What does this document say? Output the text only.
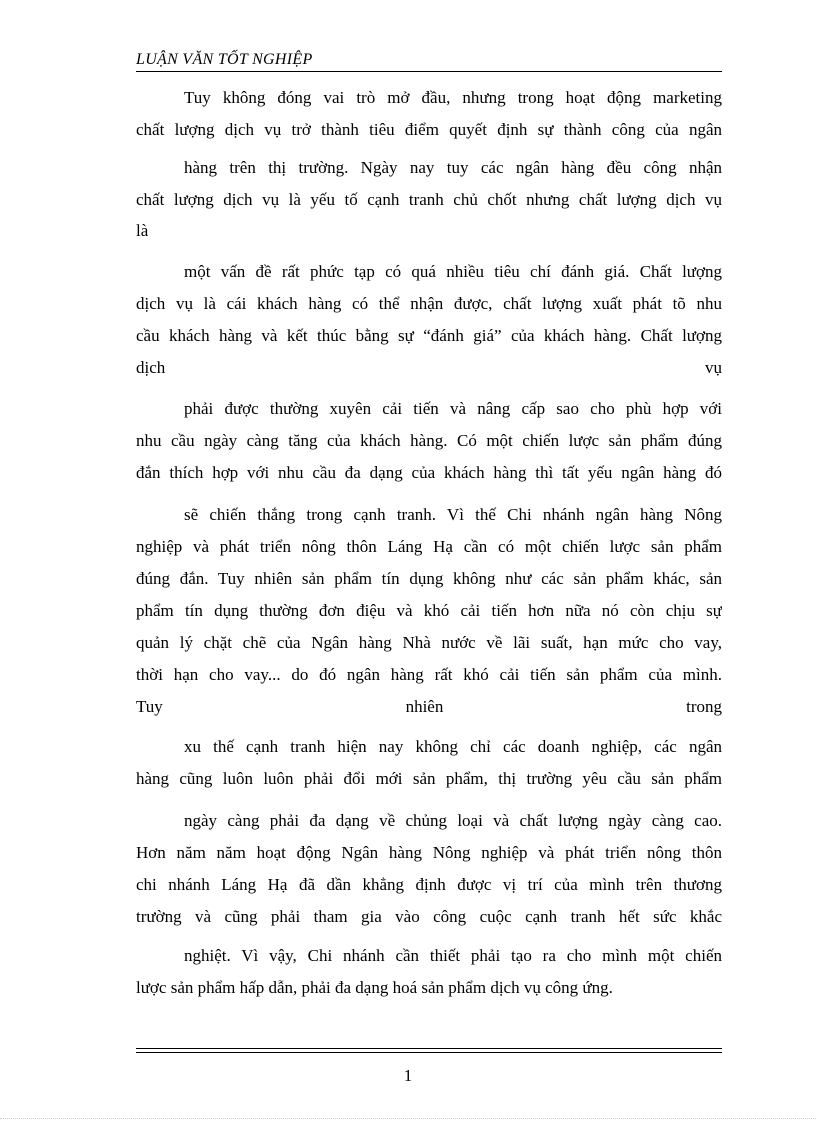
LUẬN VĂN TỐT NGHIỆP
Tuy không đóng vai trò mở đầu, nhưng trong hoạt động marketing
chất lượng dịch vụ trở thành tiêu điểm quyết định sự thành công của ngân
hàng trên thị trường. Ngày nay tuy các ngân hàng đều công nhận
chất lượng dịch vụ là yếu tố cạnh tranh chủ chốt nhưng chất lượng dịch vụ
là
một vấn đề rất phức tạp có quá nhiều tiêu chí đánh giá. Chất lượng
dịch vụ là cái khách hàng có thể nhận được, chất lượng xuất phát tõ nhu
cầu khách hàng và kết thúc bằng sự “đánh giá” của khách hàng. Chất lượng
dịch	vụ
phải được thường xuyên cải tiến và nâng cấp sao cho phù hợp với
nhu cầu ngày càng tăng của khách hàng. Có một chiến lược sản phẩm đúng
đắn thích hợp với nhu cầu đa dạng của khách hàng thì tất yếu ngân hàng đó
sẽ chiến thắng trong cạnh tranh. Vì thế Chi nhánh ngân hàng Nông
nghiệp và phát triển nông thôn Láng Hạ cần có một chiến lược sản phẩm
đúng đắn. Tuy nhiên sản phẩm tín dụng không như các sản phẩm khác, sản
phẩm tín dụng thường đơn điệu và khó cải tiến hơn nữa nó còn chịu sự
quản lý chặt chẽ của Ngân hàng Nhà nước về lãi suất, hạn mức cho vay,
thời hạn cho vay... do đó ngân hàng rất khó cải tiến sản phẩm của mình.
Tuy	nhiên	trong
xu thế cạnh tranh hiện nay không chỉ các doanh nghiệp, các ngân
hàng cũng luôn luôn phải đổi mới sản phẩm, thị trường yêu cầu sản phẩm
ngày càng phải đa dạng về chủng loại và chất lượng ngày càng cao.
Hơn năm năm hoạt động Ngân hàng Nông nghiệp và phát triển nông thôn
chi nhánh Láng Hạ đã dần khẳng định được vị trí của mình trên thương
trường và cũng phải tham gia vào công cuộc cạnh tranh hết sức khắc
nghiệt. Vì vậy, Chi nhánh cần thiết phải tạo ra cho mình một chiến
lược sản phẩm hấp dẫn, phải đa dạng hoá sản phẩm dịch vụ công ứng.
1
